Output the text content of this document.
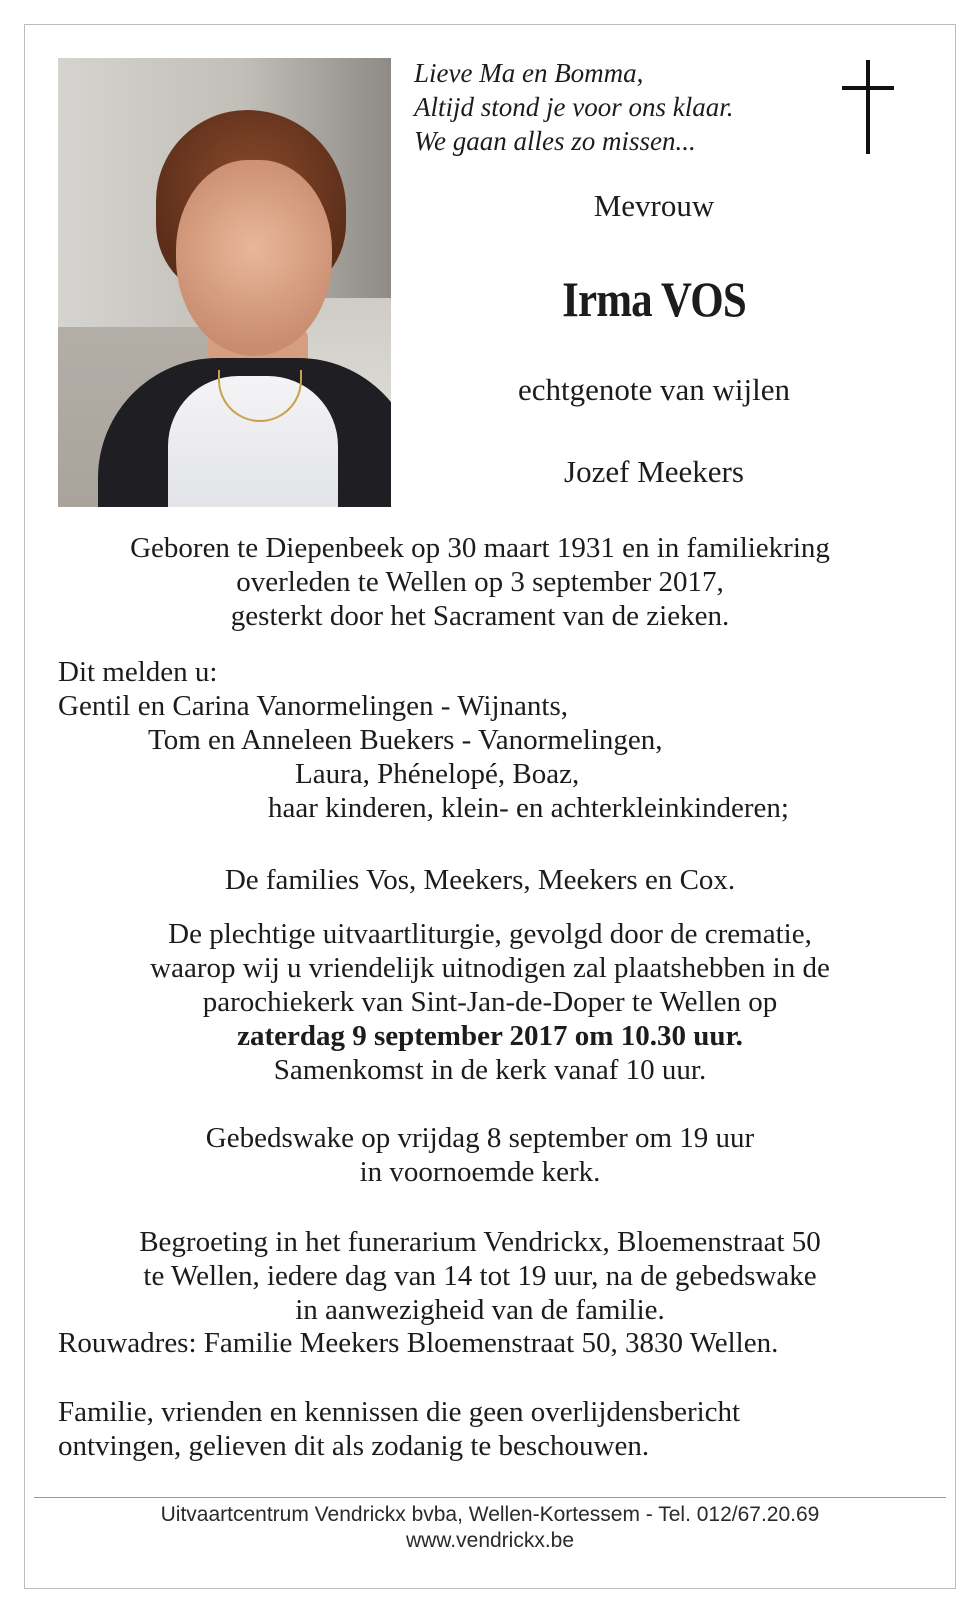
Lieve Ma en Bomma,
Altijd stond je voor ons klaar.
We gaan alles zo missen...
Mevrouw
Irma VOS
echtgenote van wijlen
Jozef Meekers
Geboren te Diepenbeek op 30 maart 1931 en in familiekring
overleden te Wellen op 3 september 2017,
gesterkt door het Sacrament van de zieken.
Dit melden u:
Gentil en Carina Vanormelingen - Wijnants,
Tom en Anneleen Buekers - Vanormelingen,
Laura, Phénelopé, Boaz,
haar kinderen, klein- en achterkleinkinderen;
De families Vos, Meekers, Meekers en Cox.
De plechtige uitvaartliturgie, gevolgd door de crematie,
waarop wij u vriendelijk uitnodigen zal plaatshebben in de
parochiekerk van Sint-Jan-de-Doper te Wellen op
zaterdag 9 september 2017 om 10.30 uur.
Samenkomst in de kerk vanaf 10 uur.
Gebedswake op vrijdag 8 september om 19 uur
in voornoemde kerk.
Begroeting in het funerarium Vendrickx, Bloemenstraat 50
te Wellen, iedere dag van 14 tot 19 uur, na de gebedswake
in aanwezigheid van de familie.
Rouwadres: Familie Meekers Bloemenstraat 50, 3830 Wellen.
Familie, vrienden en kennissen die geen overlijdensbericht
ontvingen, gelieven dit als zodanig te beschouwen.
Uitvaartcentrum Vendrickx bvba, Wellen-Kortessem - Tel. 012/67.20.69
www.vendrickx.be
